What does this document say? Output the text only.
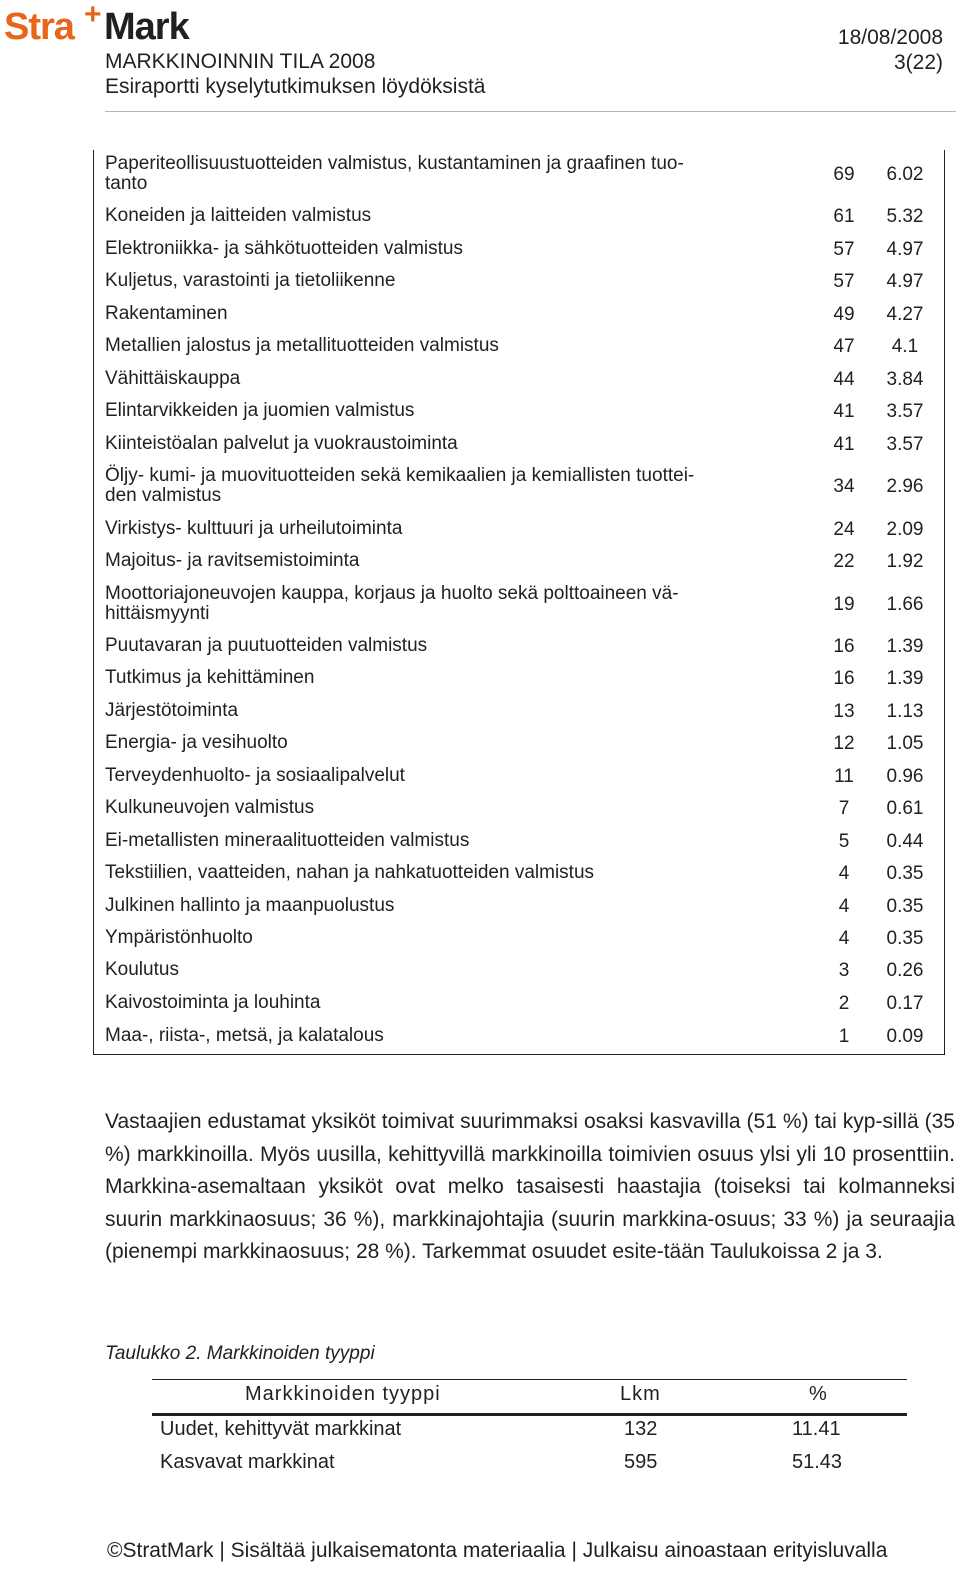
Stra + Mark
MARKKINOINNIN TILA 2008
Esiraportti kyselytutkimuksen löydöksistä
18/08/2008
3(22)
Paperiteollisuustuotteiden valmistus, kustantaminen ja graafinen tuo-
tanto	69	6.02
Koneiden ja laitteiden valmistus	61	5.32
Elektroniikka- ja sähkötuotteiden valmistus	57	4.97
Kuljetus, varastointi ja tietoliikenne	57	4.97
Rakentaminen	49	4.27
Metallien jalostus ja metallituotteiden valmistus	47	4.1
Vähittäiskauppa	44	3.84
Elintarvikkeiden ja juomien valmistus	41	3.57
Kiinteistöalan palvelut ja vuokraustoiminta	41	3.57
Öljy- kumi- ja muovituotteiden sekä kemikaalien ja kemiallisten tuottei-
den valmistus	34	2.96
Virkistys- kulttuuri ja urheilutoiminta	24	2.09
Majoitus- ja ravitsemistoiminta	22	1.92
Moottoriajoneuvojen kauppa, korjaus ja huolto sekä polttoaineen vä-
hittäismyynti	19	1.66
Puutavaran ja puutuotteiden valmistus	16	1.39
Tutkimus ja kehittäminen	16	1.39
Järjestötoiminta	13	1.13
Energia- ja vesihuolto	12	1.05
Terveydenhuolto- ja sosiaalipalvelut	11	0.96
Kulkuneuvojen valmistus	7	0.61
Ei-metallisten mineraalituotteiden valmistus	5	0.44
Tekstiilien, vaatteiden, nahan ja nahkatuotteiden valmistus	4	0.35
Julkinen hallinto ja maanpuolustus	4	0.35
Ympäristönhuolto	4	0.35
Koulutus	3	0.26
Kaivostoiminta ja louhinta	2	0.17
Maa-, riista-, metsä, ja kalatalous	1	0.09

Vastaajien edustamat yksiköt toimivat suurimmaksi osaksi kasvavilla (51 %) tai kyp-sillä (35 %) markkinoilla. Myös uusilla, kehittyvillä markkinoilla toimivien osuus ylsi yli 10 prosenttiin. Markkina-asemaltaan yksiköt ovat melko tasaisesti haastajia (toiseksi tai kolmanneksi suurin markkinaosuus; 36 %), markkinajohtajia (suurin markkina-osuus; 33 %) ja seuraajia (pienempi markkinaosuus; 28 %). Tarkemmat osuudet esite-tään Taulukoissa 2 ja 3.

Taulukko 2. Markkinoiden tyyppi
Markkinoiden tyyppi	Lkm	%
Uudet, kehittyvät markkinat	132	11.41
Kasvavat markkinat	595	51.43
©StratMark | Sisältää julkaisematonta materiaalia | Julkaisu ainoastaan erityisluvalla
